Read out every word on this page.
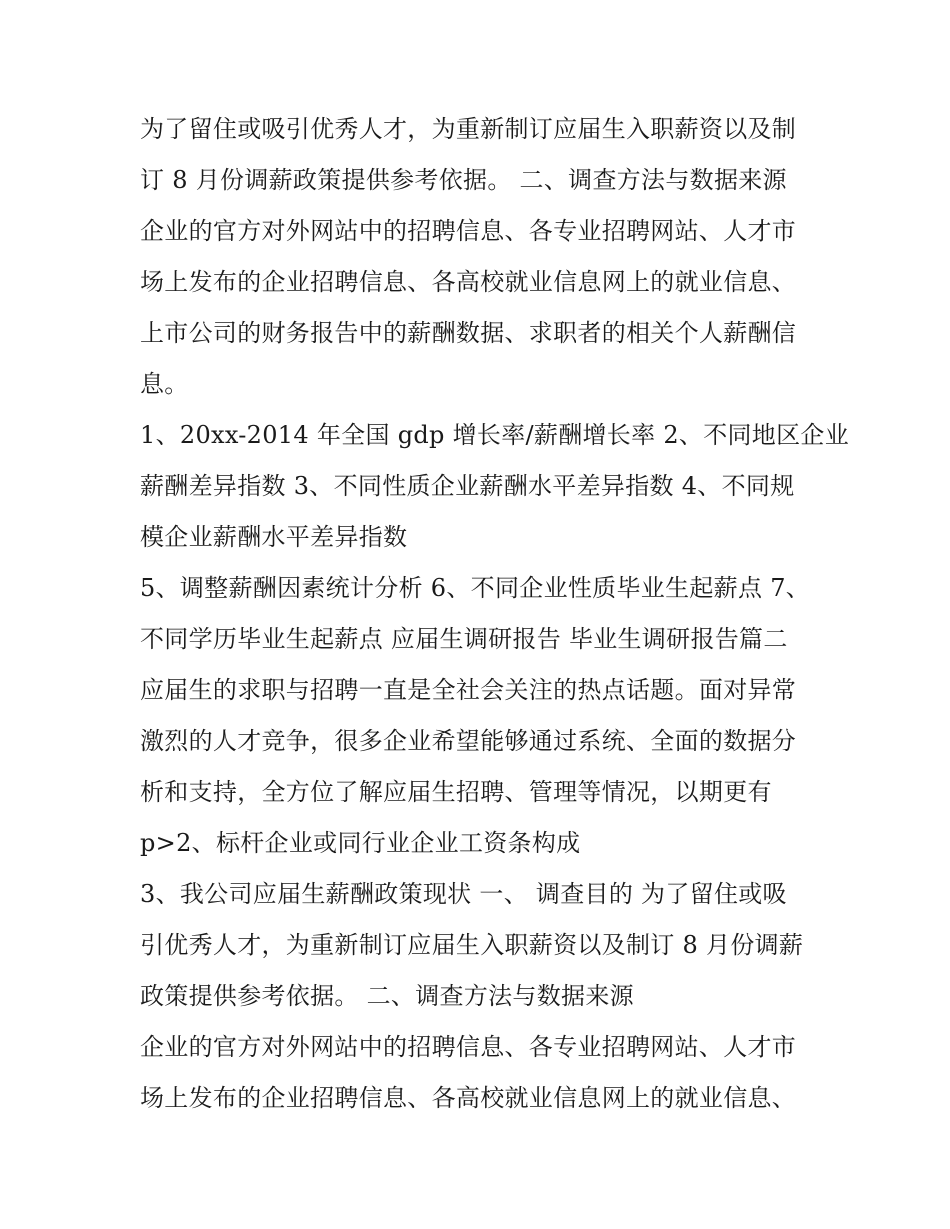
为了留住或吸引优秀人才，为重新制订应届生入职薪资以及制
订 8 月份调薪政策提供参考依据。 二、调查方法与数据来源
企业的官方对外网站中的招聘信息、各专业招聘网站、人才市
场上发布的企业招聘信息、各高校就业信息网上的就业信息、
上市公司的财务报告中的薪酬数据、求职者的相关个人薪酬信
息。
1、20xx-2014 年全国 gdp 增长率/薪酬增长率 2、不同地区企业
薪酬差异指数 3、不同性质企业薪酬水平差异指数 4、不同规
模企业薪酬水平差异指数
5、调整薪酬因素统计分析 6、不同企业性质毕业生起薪点 7、
不同学历毕业生起薪点 应届生调研报告 毕业生调研报告篇二
应届生的求职与招聘一直是全社会关注的热点话题。面对异常
激烈的人才竞争，很多企业希望能够通过系统、全面的数据分
析和支持，全方位了解应届生招聘、管理等情况，以期更有
p>2、标杆企业或同行业企业工资条构成
3、我公司应届生薪酬政策现状 一、 调查目的 为了留住或吸
引优秀人才，为重新制订应届生入职薪资以及制订 8 月份调薪
政策提供参考依据。 二、调查方法与数据来源
企业的官方对外网站中的招聘信息、各专业招聘网站、人才市
场上发布的企业招聘信息、各高校就业信息网上的就业信息、
